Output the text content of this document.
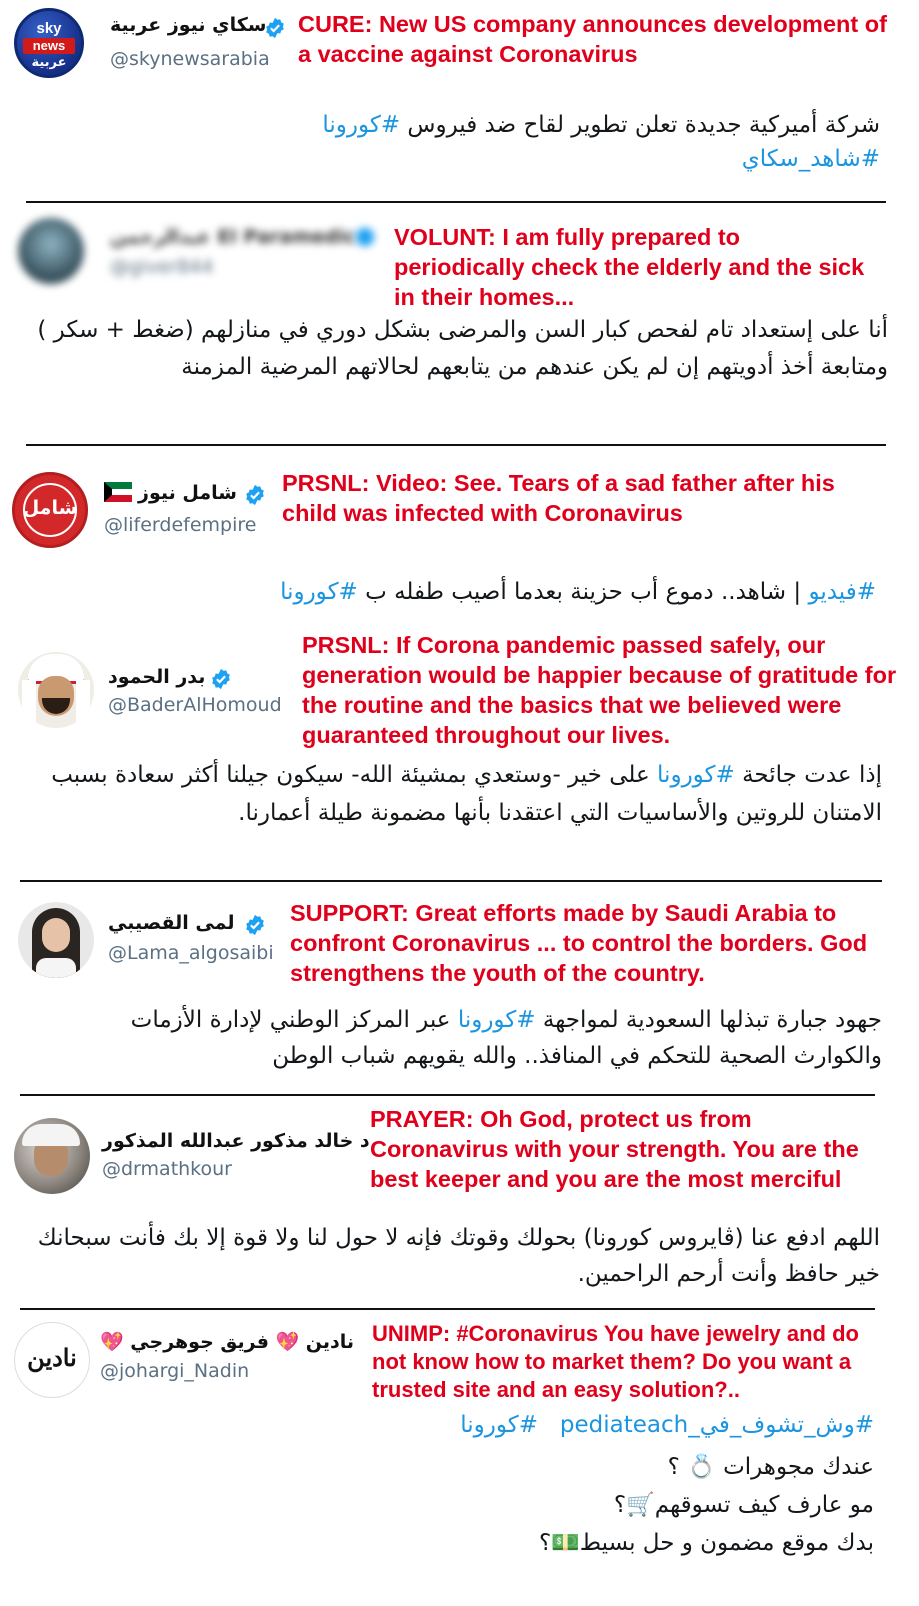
sky
news
عربية
سكاي نيوز عربية
@skynewsarabia
CURE: New US company announces development of a vaccine against Coronavirus
شركة أميركية جديدة تعلن تطوير لقاح ضد فيروس #كورونا
#شاهد_سكاي
El Paramedic عبدالرحمن
@giver844
VOLUNT: I am fully prepared to periodically check the elderly and the sick in their homes...
أنا على إستعداد تام لفحص كبار السن والمرضى بشكل دوري في منازلهم (ضغط + سكر ) ومتابعة أخذ أدويتهم إن لم يكن عندهم من يتابعهم لحالاتهم المرضية المزمنة
شامل
شامل نيوز
@liferdefempire
PRSNL: Video: See. Tears of a sad father after his child was infected with Coronavirus
#فيديو | شاهد.. دموع أب حزينة بعدما أصيب طفله ب #كورونا
بدر الحمود
@BaderAlHomoud
PRSNL: If Corona pandemic passed safely, our generation would be happier because of gratitude for the routine and the basics that we believed were guaranteed throughout our lives.
إذا عدت جائحة #كورونا على خير -وستعدي بمشيئة الله- سيكون جيلنا أكثر سعادة بسبب الامتنان للروتين والأساسيات التي اعتقدنا بأنها مضمونة طيلة أعمارنا.
لمى القصيبي
@Lama_algosaibi
SUPPORT: Great efforts made by Saudi Arabia to confront Coronavirus ... to control the borders. God strengthens the youth of the country.
جهود جبارة تبذلها السعودية لمواجهة #كورونا عبر المركز الوطني لإدارة الأزمات والكوارث الصحية للتحكم في المنافذ.. والله يقويهم شباب الوطن
د خالد مذكور عبدالله المذكور
@drmathkour
PRAYER: Oh God, protect us from Coronavirus with your strength. You are the best keeper and you are the most merciful
اللهم ادفع عنا (ڤايروس كورونا) بحولك وقوتك فإنه لا حول لنا ولا قوة إلا بك فأنت سبحانك خير حافظ وأنت أرحم الراحمين.
نادين
نادين 💖 فريق جوهرجي 💖
@johargi_Nadin
UNIMP: #Coronavirus You have jewelry and do not know how to market them? Do you want a trusted site and an easy solution?..
#وش_تشوف_في_pediateach   #كورونا
عندك مجوهرات 💍 ؟
مو عارف كيف تسوقهم🛒؟
بدك موقع مضمون و حل بسيط💵؟
